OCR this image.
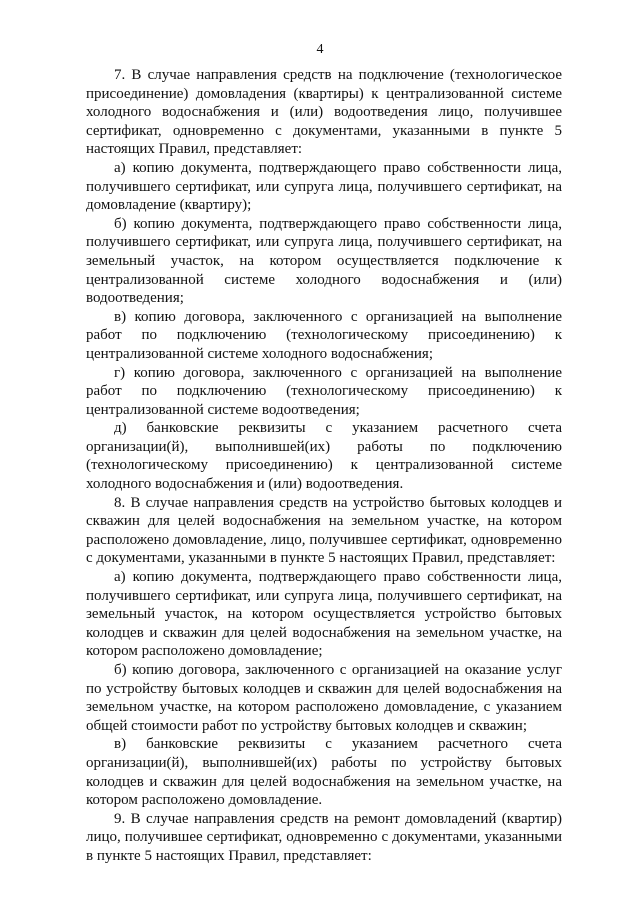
4

7. В случае направления средств на подключение (технологическое присоединение) домовладения (квартиры) к централизованной системе холодного водоснабжения и (или) водоотведения лицо, получившее сертификат, одновременно с документами, указанными в пункте 5 настоящих Правил, представляет:

а) копию документа, подтверждающего право собственности лица, получившего сертификат, или супруга лица, получившего сертификат, на домовладение (квартиру);

б) копию документа, подтверждающего право собственности лица, получившего сертификат, или супруга лица, получившего сертификат, на земельный участок, на котором осуществляется подключение к централизованной системе холодного водоснабжения и (или) водоотведения;

в) копию договора, заключенного с организацией на выполнение работ по подключению (технологическому присоединению) к централизованной системе холодного водоснабжения;

г) копию договора, заключенного с организацией на выполнение работ по подключению (технологическому присоединению) к централизованной системе водоотведения;

д) банковские реквизиты с указанием расчетного счета организации(й), выполнившей(их) работы по подключению (технологическому присоединению) к централизованной системе холодного водоснабжения и (или) водоотведения.

8. В случае направления средств на устройство бытовых колодцев и скважин для целей водоснабжения на земельном участке, на котором расположено домовладение, лицо, получившее сертификат, одновременно с документами, указанными в пункте 5 настоящих Правил, представляет:

а) копию документа, подтверждающего право собственности лица, получившего сертификат, или супруга лица, получившего сертификат, на земельный участок, на котором осуществляется устройство бытовых колодцев и скважин для целей водоснабжения на земельном участке, на котором расположено домовладение;

б) копию договора, заключенного с организацией на оказание услуг по устройству бытовых колодцев и скважин для целей водоснабжения на земельном участке, на котором расположено домовладение, с указанием общей стоимости работ по устройству бытовых колодцев и скважин;

в) банковские реквизиты с указанием расчетного счета организации(й), выполнившей(их) работы по устройству бытовых колодцев и скважин для целей водоснабжения на земельном участке, на котором расположено домовладение.

9. В случае направления средств на ремонт домовладений (квартир) лицо, получившее сертификат, одновременно с документами, указанными в пункте 5 настоящих Правил, представляет:
